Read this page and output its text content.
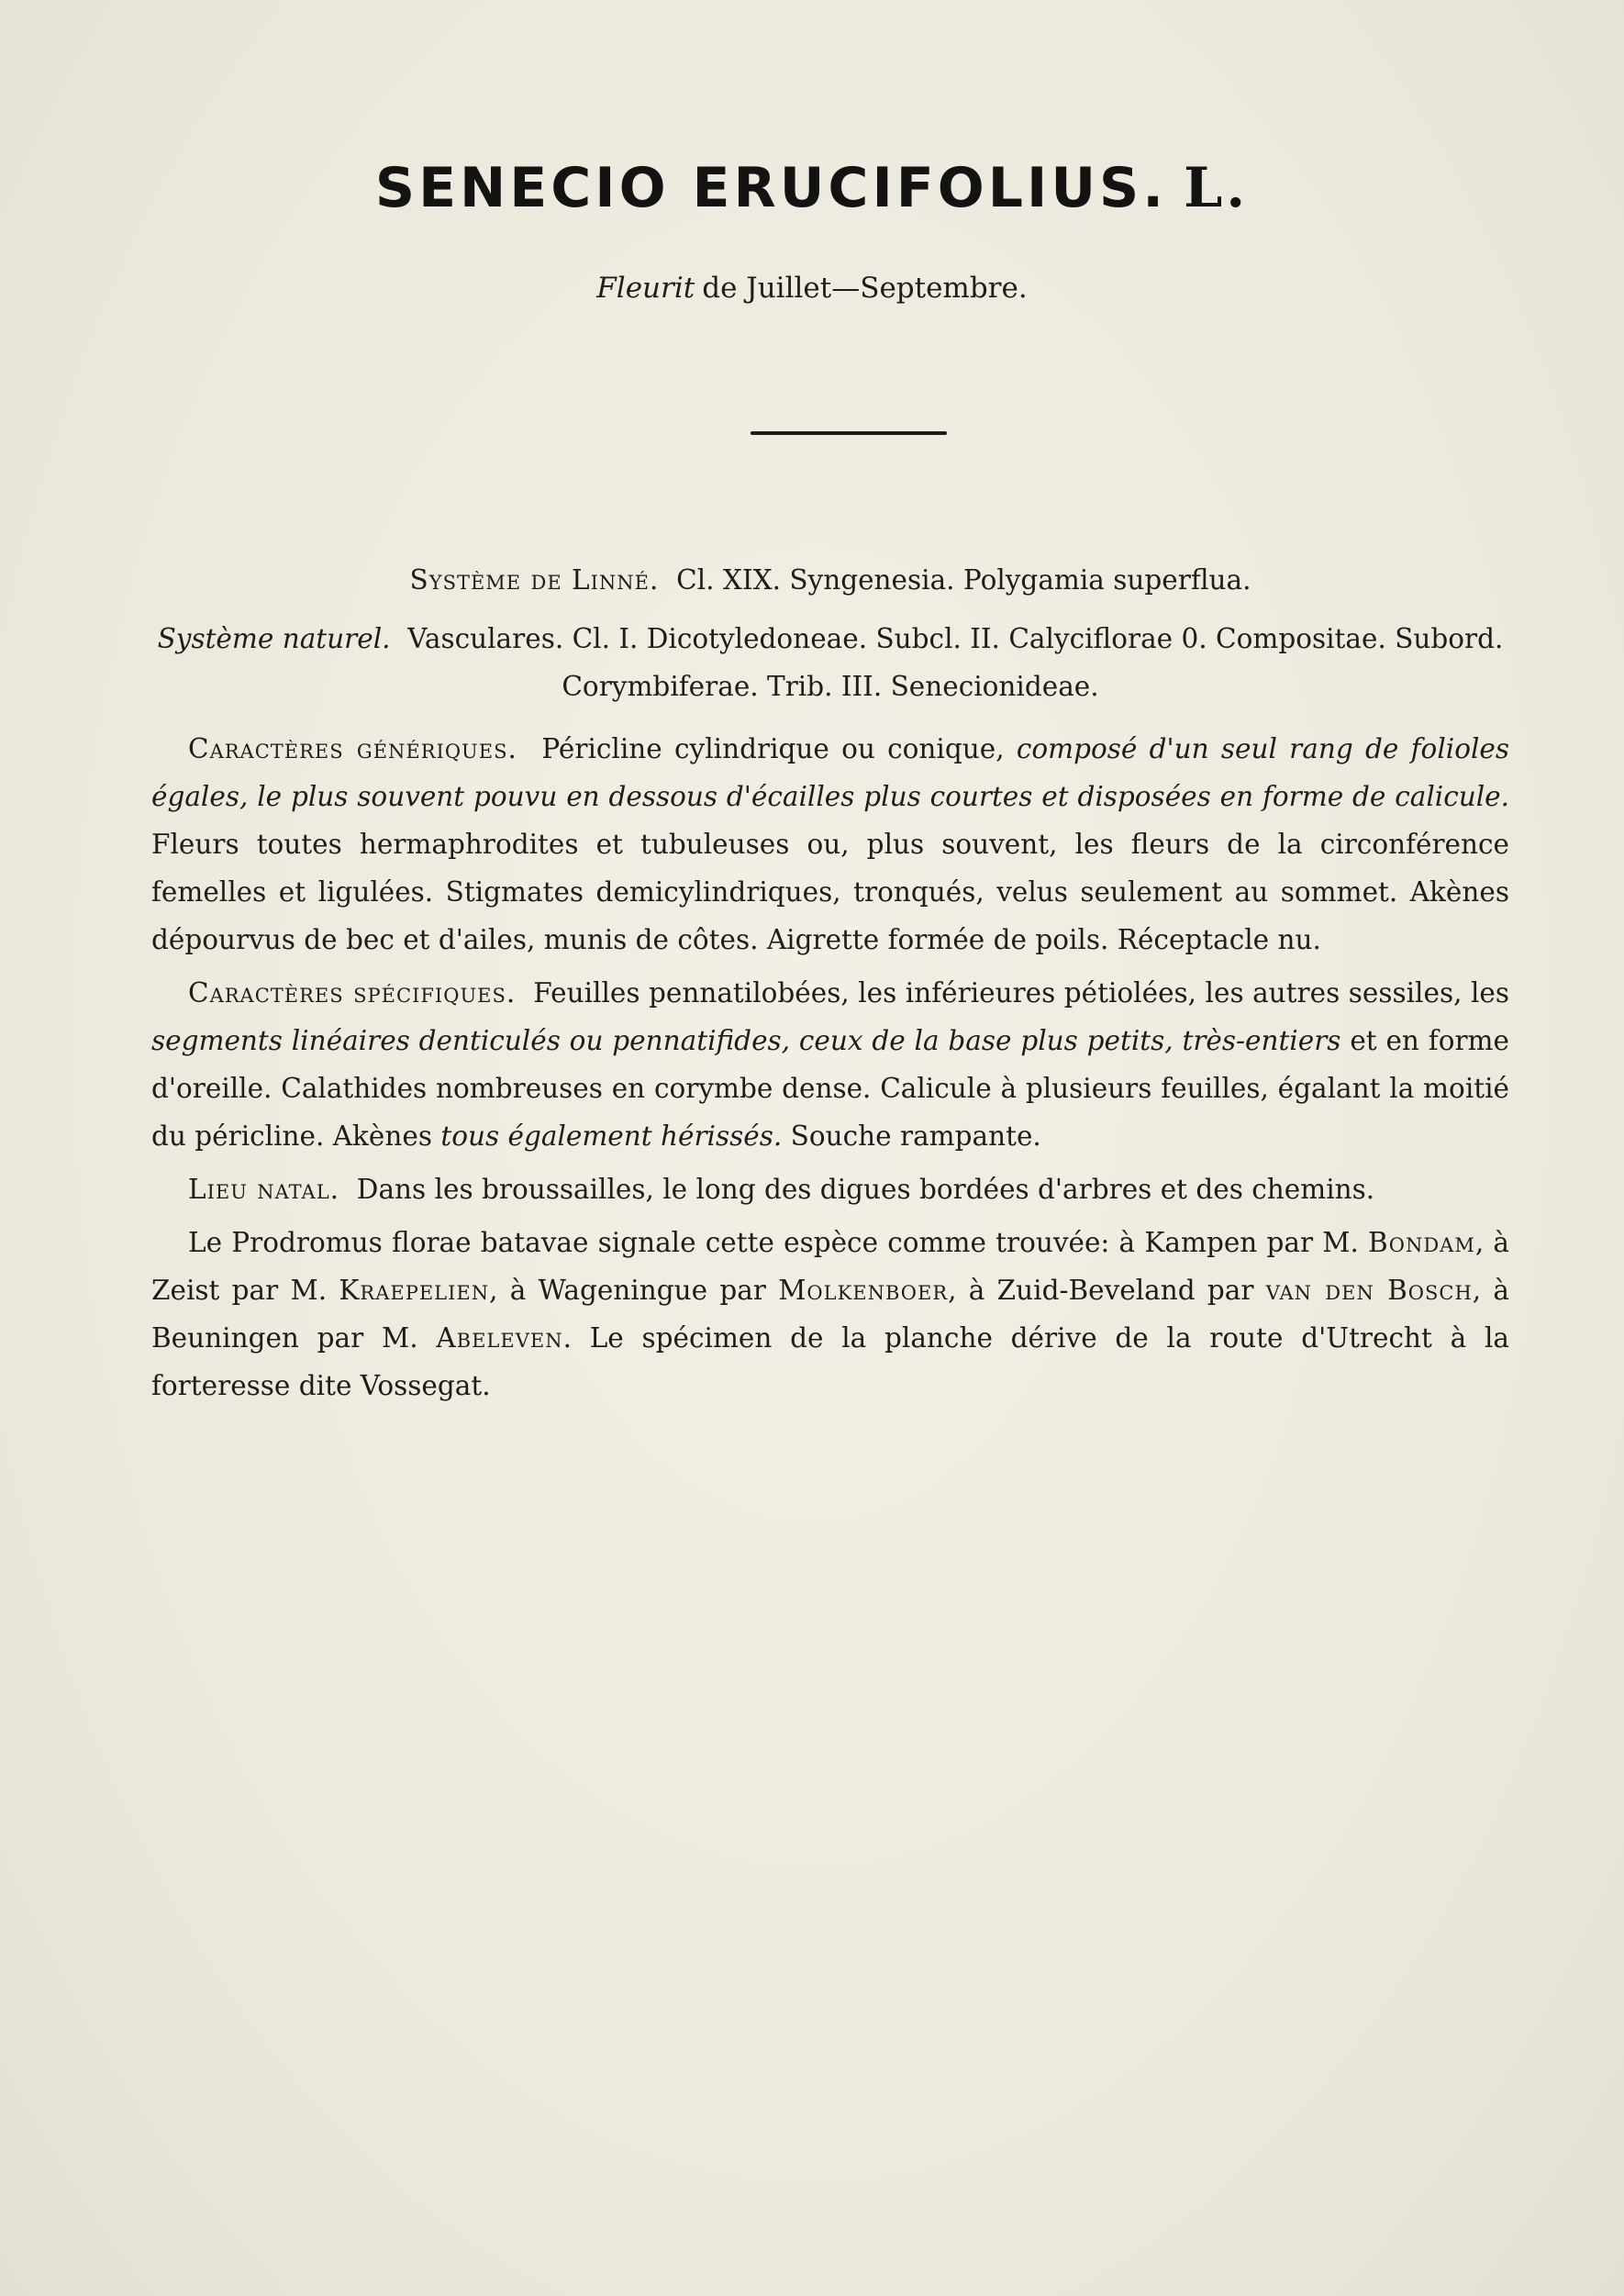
SENECIO ERUCIFOLIUS. L.
Fleurit de Juillet—Septembre.

Système de Linné. Cl. XIX. Syngenesia. Polygamia superflua.

Système naturel. Vasculares. Cl. I. Dicotyledoneae. Subcl. II. Calyciflorae 0. Compositae. Subord.
Corymbiferae. Trib. III. Senecionideae.

Caractères génériques. Péricline cylindrique ou conique, composé d'un seul rang de folioles égales, le plus souvent pouvu en dessous d'écailles plus courtes et disposées en forme de calicule. Fleurs toutes hermaphrodites et tubuleuses ou, plus souvent, les fleurs de la circonférence femelles et ligulées. Stigmates demicylindriques, tronqués, velus seulement au sommet. Akènes dépourvus de bec et d'ailes, munis de côtes. Aigrette formée de poils. Réceptacle nu.

Caractères spécifiques. Feuilles pennatilobées, les inférieures pétiolées, les autres sessiles, les segments linéaires denticulés ou pennatifides, ceux de la base plus petits, très-entiers et en forme d'oreille. Calathides nombreuses en corymbe dense. Calicule à plusieurs feuilles, égalant la moitié du péricline. Akènes tous également hérissés. Souche rampante.

Lieu natal. Dans les broussailles, le long des digues bordées d'arbres et des chemins.

Le Prodromus florae batavae signale cette espèce comme trouvée: à Kampen par M. Bondam, à Zeist par M. Kraepelien, à Wageningue par Molkenboer, à Zuid-Beveland par van den Bosch, à Beuningen par M. Abeleven. Le spécimen de la planche dérive de la route d'Utrecht à la forteresse dite Vossegat.
